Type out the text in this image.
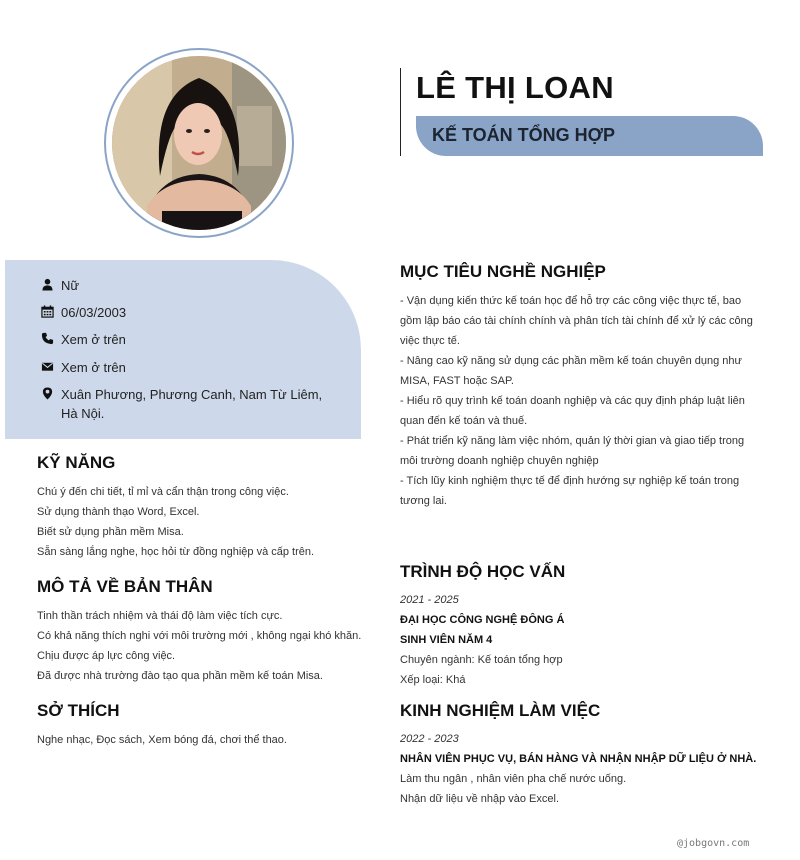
LÊ THỊ LOAN
KẾ TOÁN TỔNG HỢP
Nữ
06/03/2003
Xem ở trên
Xem ở trên
Xuân Phương, Phương Canh, Nam Từ Liêm,
Hà Nội.
KỸ NĂNG
Chú ý đến chi tiết, tỉ mỉ và cẩn thận trong công việc.
Sử dụng thành thạo Word, Excel.
Biết sử dụng phần mềm Misa.
Sẵn sàng lắng nghe, học hỏi từ đồng nghiệp và cấp trên.
MÔ TẢ VỀ BẢN THÂN
Tinh thần trách nhiệm và thái độ làm việc tích cực.
Có khả năng thích nghi với môi trường mới , không ngại khó khăn.
Chịu được áp lực công việc.
Đã được nhà trường đào tạo qua phần mềm kế toán Misa.
SỞ THÍCH
Nghe nhạc, Đọc sách, Xem bóng đá, chơi thể thao.
MỤC TIÊU NGHỀ NGHIỆP
- Vận dụng kiến thức kế toán học để hỗ trợ các công việc thực tế, bao
gồm lập báo cáo tài chính chính và phân tích tài chính để xử lý các công
việc thực tế.
- Nâng cao kỹ năng sử dụng các phần mềm kế toán chuyên dụng như
MISA, FAST hoặc SAP.
- Hiểu rõ quy trình kế toán doanh nghiệp và các quy định pháp luật liên
quan đến kế toán và thuế.
- Phát triển kỹ năng làm việc nhóm, quản lý thời gian và giao tiếp trong
môi trường doanh nghiệp chuyên nghiệp
- Tích lũy kinh nghiệm thực tế để định hướng sự nghiệp kế toán trong
tương lai.
TRÌNH ĐỘ HỌC VẤN
2021 - 2025
ĐẠI HỌC CÔNG NGHỆ ĐÔNG Á
SINH VIÊN NĂM 4
Chuyên ngành: Kế toán tổng hợp
Xếp loại: Khá
KINH NGHIỆM LÀM VIỆC
2022 - 2023
NHÂN VIÊN PHỤC VỤ, BÁN HÀNG VÀ NHẬN NHẬP DỮ LIỆU Ở NHÀ.
Làm thu ngân , nhân viên pha chế nước uống.
Nhận dữ liệu về nhập vào Excel.
@jobgovn.com
